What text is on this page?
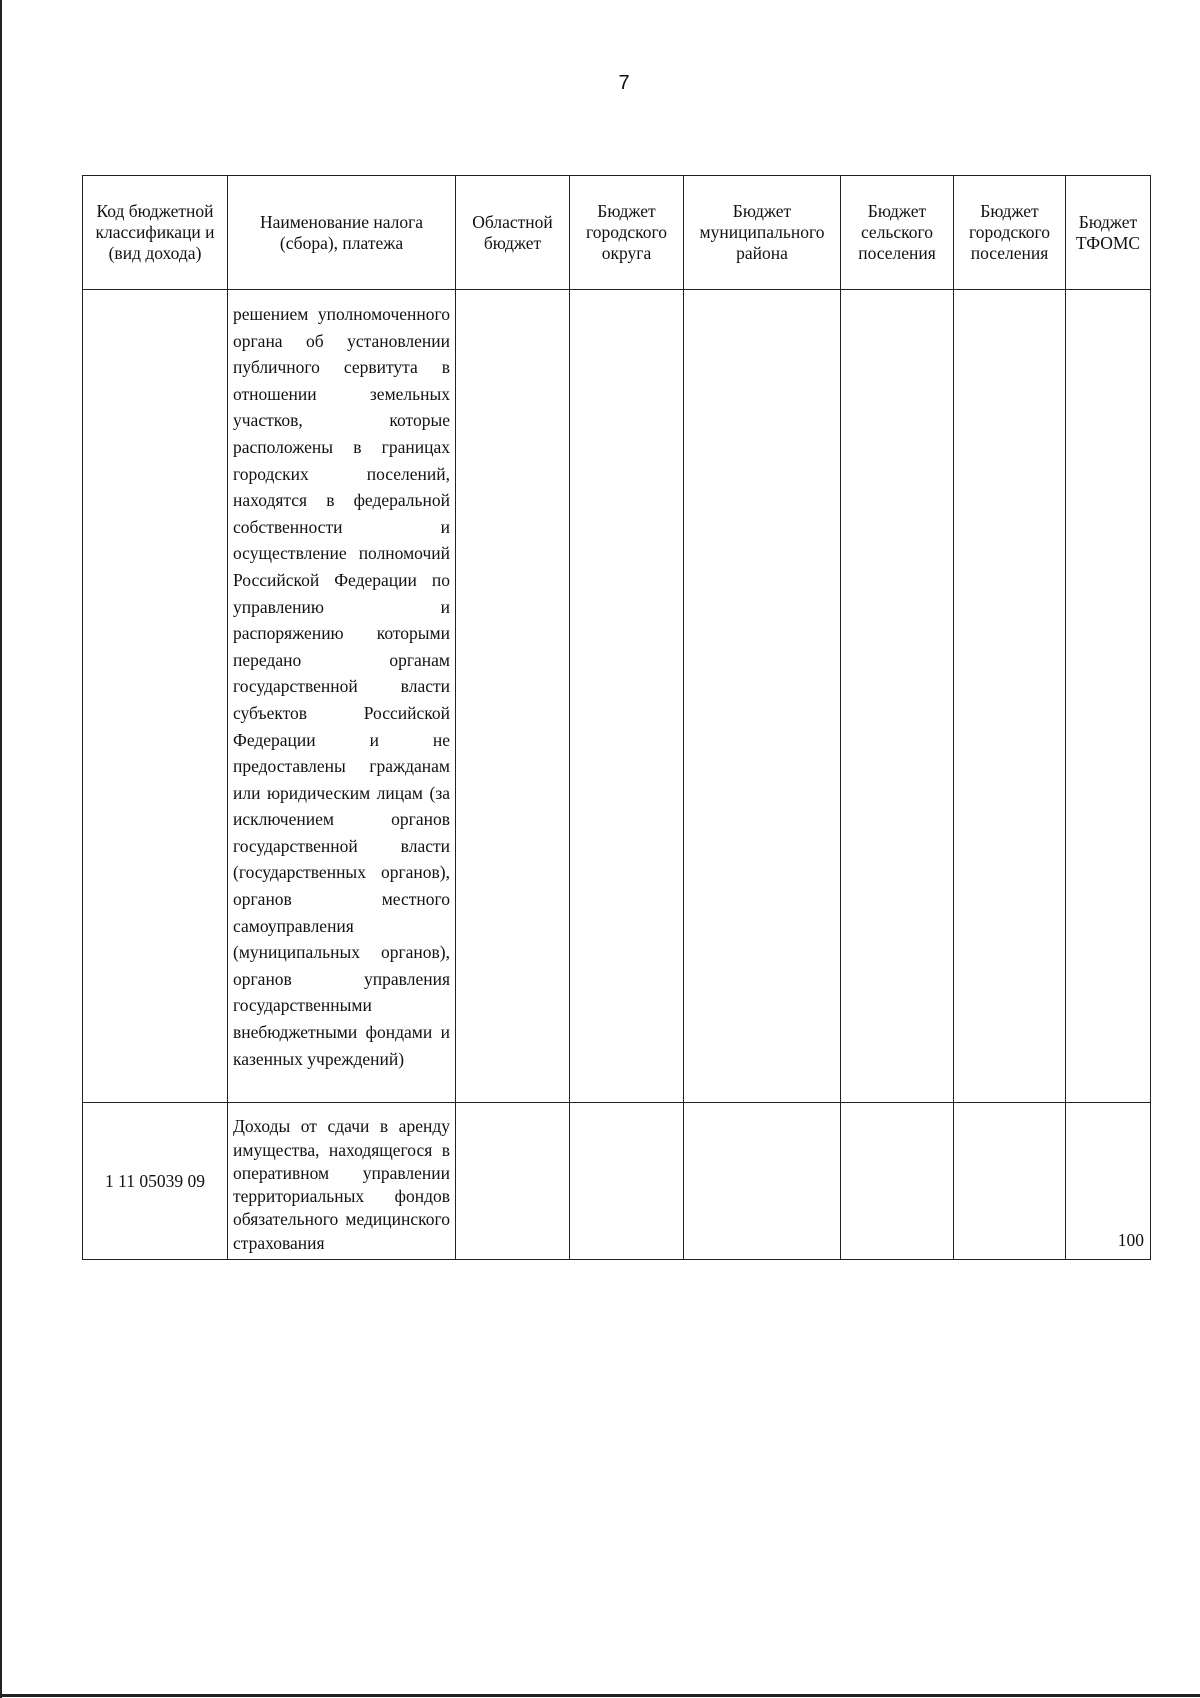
7
Код бюджетной классификаци и (вид дохода)	Наименование налога (сбора), платежа	Областной бюджет	Бюджет городского округа	Бюджет муниципального района	Бюджет сельского поселения	Бюджет городского поселения	Бюджет ТФОМС
	решением уполномоченного органа об установлении публичного сервитута в отношении земельных участков, которые расположены в границах городских поселений, находятся в федеральной собственности и осуществление полномочий Российской Федерации по управлению и распоряжению которыми передано органам государственной власти субъектов Российской Федерации и не предоставлены гражданам или юридическим лицам (за исключением органов государственной власти (государственных органов), органов местного самоуправления (муниципальных органов), органов управления государственными внебюджетными фондами и казенных учреждений)						
1 11 05039 09	Доходы от сдачи в аренду имущества, находящегося в оперативном управлении территориальных фондов обязательного медицинского страхования						100
